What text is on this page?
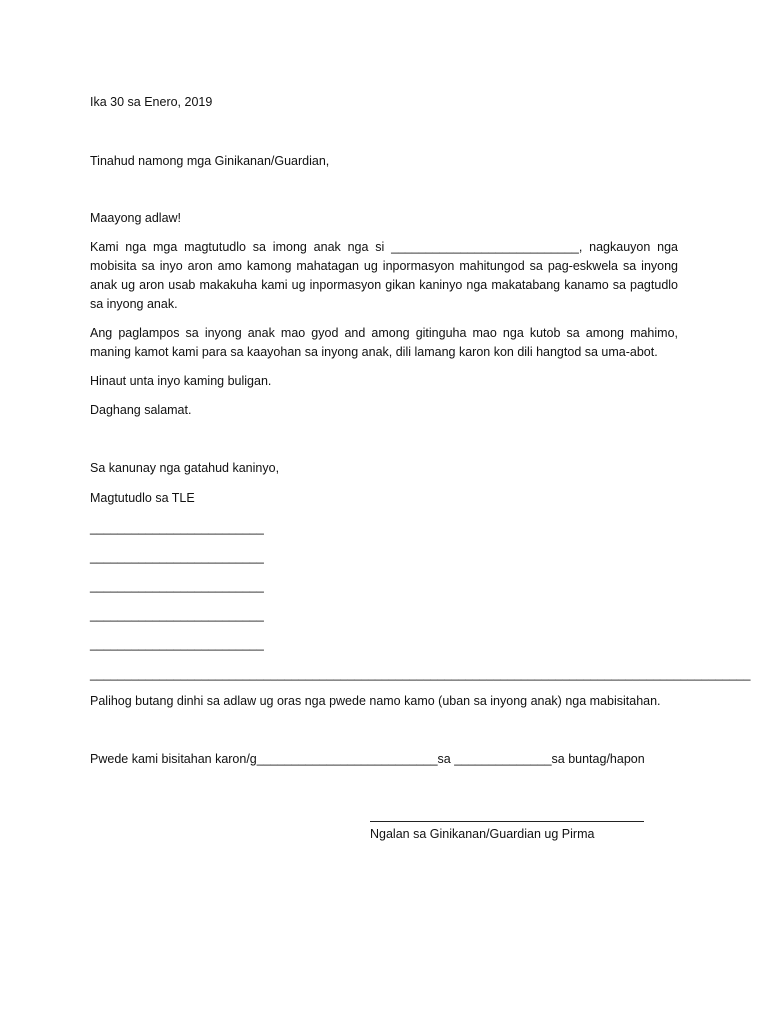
Ika 30 sa Enero, 2019
Tinahud namong mga Ginikanan/Guardian,
Maayong adlaw!
Kami nga mga magtutudlo sa imong anak nga si ___________________________, nagkauyon nga mobisita sa inyo aron amo kamong mahatagan ug inpormasyon mahitungod sa pag-eskwela sa inyong anak ug aron usab makakuha kami ug inpormasyon gikan kaninyo nga makatabang kanamo sa pagtudlo sa inyong anak.
Ang paglampos sa inyong anak mao gyod and among gitinguha mao nga kutob sa among mahimo, maning kamot kami para sa kaayohan sa inyong anak, dili lamang karon kon dili hangtod sa uma-abot.
Hinaut unta inyo kaming buligan.
Daghang salamat.
Sa kanunay nga gatahud kaninyo,
Magtutudlo sa TLE
_________________________
_________________________
_________________________
_________________________
_________________________
_______________________________________________________________________________________________
Palihog butang dinhi sa adlaw ug oras nga pwede namo kamo (uban sa inyong anak) nga mabisitahan.
Pwede kami bisitahan karon/g__________________________sa ______________sa buntag/hapon
Ngalan sa Ginikanan/Guardian ug Pirma
